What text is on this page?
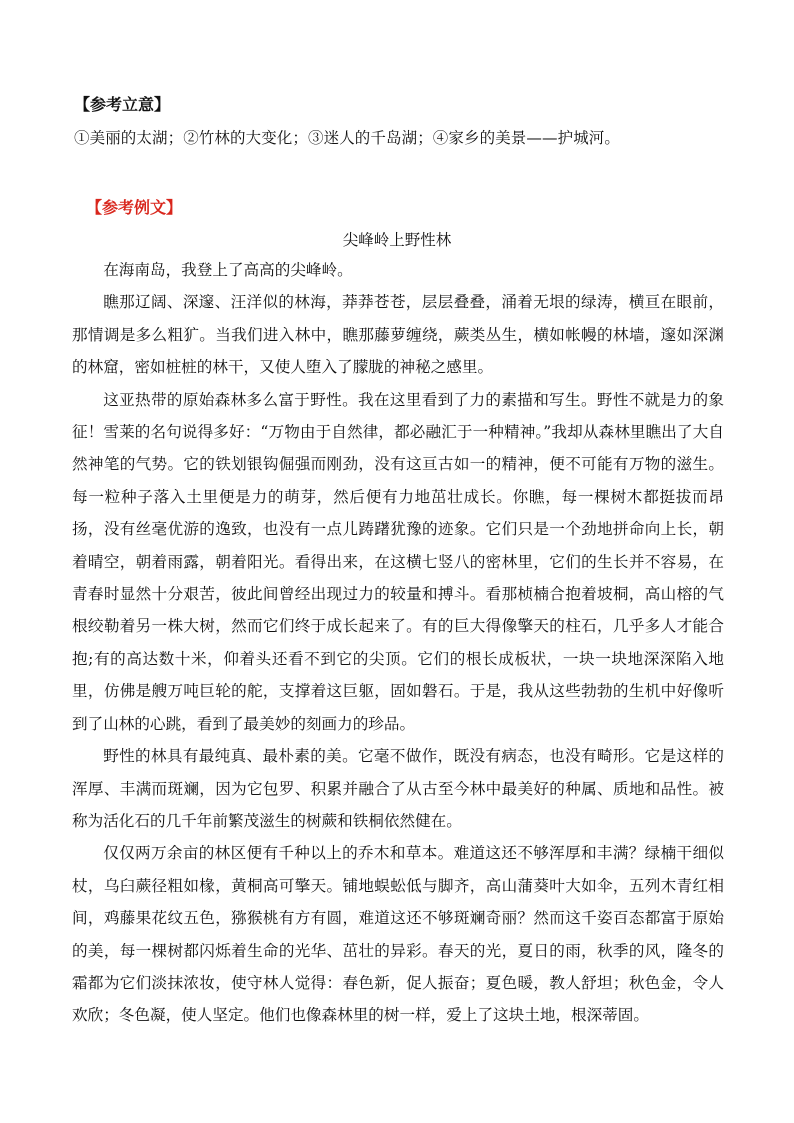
【参考立意】
①美丽的太湖；②竹林的大变化；③迷人的千岛湖；④家乡的美景——护城河。
【参考例文】
尖峰岭上野性林

在海南岛，我登上了高高的尖峰岭。

瞧那辽阔、深邃、汪洋似的林海，莽莽苍苍，层层叠叠，涌着无垠的绿涛，横亘在眼前，那情调是多么粗犷。当我们进入林中，瞧那藤萝缠绕，蕨类丛生，横如帐幔的林墙，邃如深渊的林窟，密如桩桩的林干，又使人堕入了朦胧的神秘之感里。

这亚热带的原始森林多么富于野性。我在这里看到了力的素描和写生。野性不就是力的象征！雪莱的名句说得多好：“万物由于自然律，都必融汇于一种精神。”我却从森林里瞧出了大自然神笔的气势。它的铁划银钩倔强而刚劲，没有这亘古如一的精神，便不可能有万物的滋生。每一粒种子落入土里便是力的萌芽，然后便有力地茁壮成长。你瞧，每一棵树木都挺拔而昂扬，没有丝毫优游的逸致，也没有一点儿踌躇犹豫的迹象。它们只是一个劲地拼命向上长，朝着晴空，朝着雨露，朝着阳光。看得出来，在这横七竖八的密林里，它们的生长并不容易，在青春时显然十分艰苦，彼此间曾经出现过力的较量和搏斗。看那桢楠合抱着坡桐，高山榕的气根绞勒着另一株大树，然而它们终于成长起来了。有的巨大得像擎天的柱石，几乎多人才能合抱;有的高达数十米，仰着头还看不到它的尖顶。它们的根长成板状，一块一块地深深陷入地里，仿佛是艘万吨巨轮的舵，支撑着这巨躯，固如磐石。于是，我从这些勃勃的生机中好像听到了山林的心跳，看到了最美妙的刻画力的珍品。

野性的林具有最纯真、最朴素的美。它毫不做作，既没有病态，也没有畸形。它是这样的浑厚、丰满而斑斓，因为它包罗、积累并融合了从古至今林中最美好的种属、质地和品性。被称为活化石的几千年前繁茂滋生的树蕨和铁桐依然健在。

仅仅两万余亩的林区便有千种以上的乔木和草本。难道这还不够浑厚和丰满？绿楠干细似杖，乌臼蕨径粗如椽，黄桐高可擎天。铺地蜈蚣低与脚齐，高山蒲葵叶大如伞，五列木青红相间，鸡藤果花纹五色，猕猴桃有方有圆，难道这还不够斑斓奇丽？然而这千姿百态都富于原始的美，每一棵树都闪烁着生命的光华、茁壮的异彩。春天的光，夏日的雨，秋季的风，隆冬的霜都为它们淡抹浓妆，使守林人觉得：春色新，促人振奋；夏色暖，教人舒坦；秋色金，令人欢欣；冬色凝，使人坚定。他们也像森林里的树一样，爱上了这块土地，根深蒂固。
